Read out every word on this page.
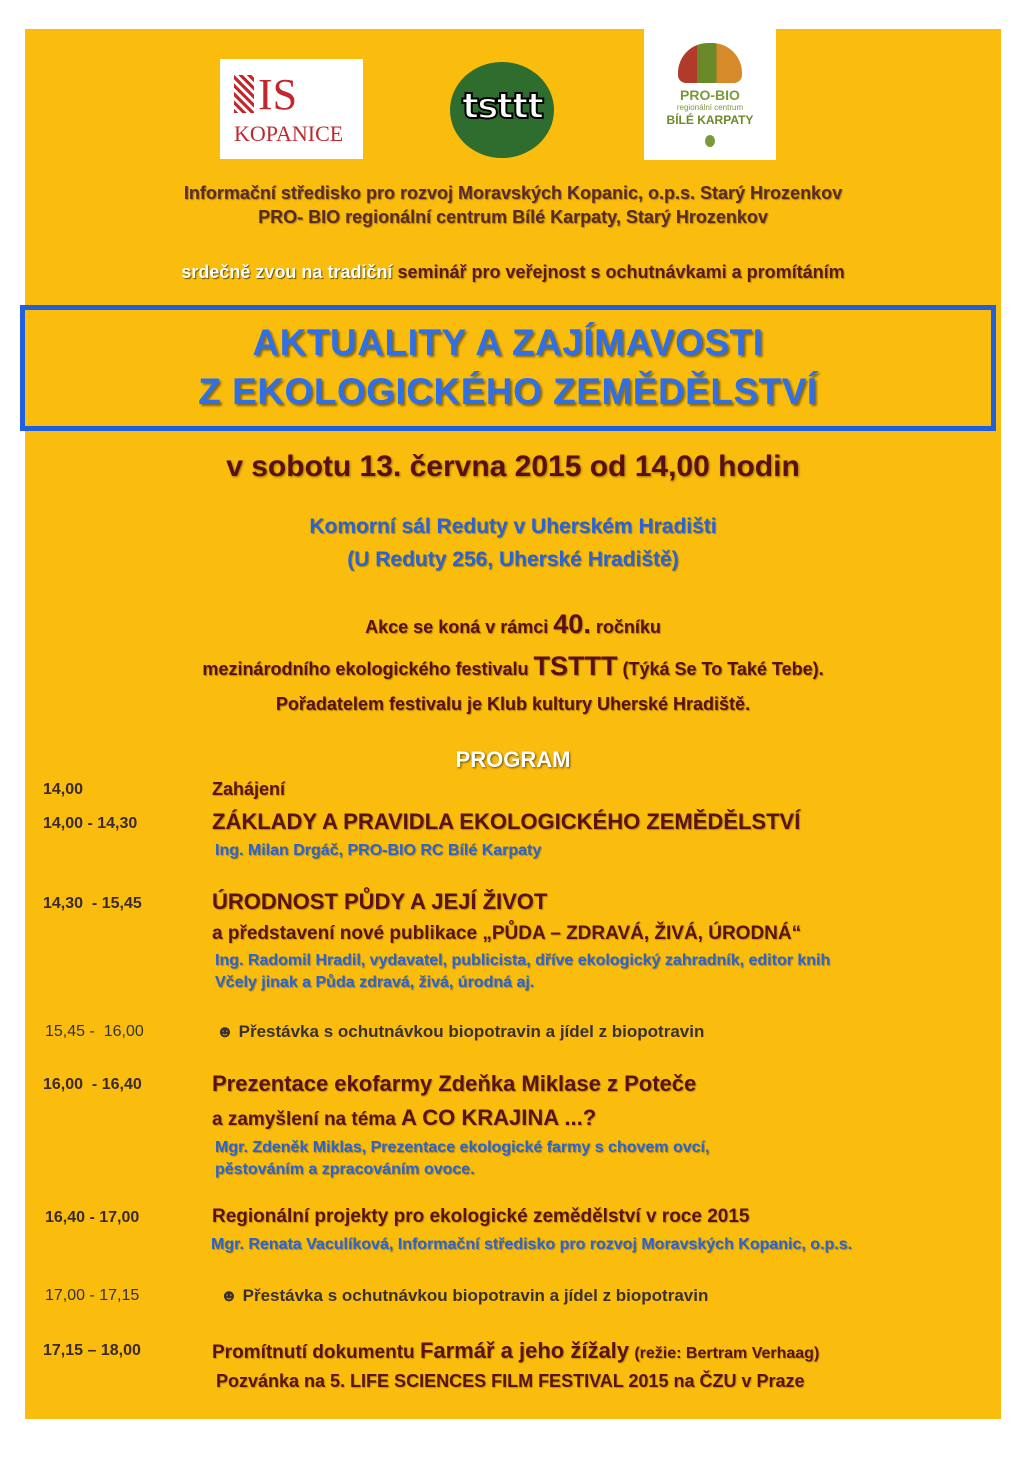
IS
KOPANICE
tsttt	PRO-BIO
regionální centrum
BÍLÉ KARPATY
Informační středisko pro rozvoj Moravských Kopanic, o.p.s. Starý Hrozenkov
PRO- BIO regionální centrum Bílé Karpaty, Starý Hrozenkov
srdečně zvou na tradiční seminář pro veřejnost s ochutnávkami a promítáním
AKTUALITY A ZAJÍMAVOSTI
Z EKOLOGICKÉHO ZEMĚDĚLSTVÍ
v sobotu 13. června 2015 od 14,00 hodin
Komorní sál Reduty v Uherském Hradišti
(U Reduty 256, Uherské Hradiště)
Akce se koná v rámci 40. ročníku
mezinárodního ekologického festivalu TSTTT (Týká Se To Také Tebe).
Pořadatelem festivalu je Klub kultury Uherské Hradiště.
PROGRAM
14,00	Zahájení
14,00 - 14,30	ZÁKLADY A PRAVIDLA EKOLOGICKÉHO ZEMĚDĚLSTVÍ
Ing. Milan Drgáč, PRO-BIO RC Bílé Karpaty
14,30  - 15,45	ÚRODNOST PŮDY A JEJÍ ŽIVOT
a představení nové publikace „PŮDA – ZDRAVÁ, ŽIVÁ, ÚRODNÁ“
Ing. Radomil Hradil, vydavatel, publicista, dříve ekologický zahradník, editor knih
Včely jinak a Půda zdravá, živá, úrodná aj.
15,45 -  16,00	☻ Přestávka s ochutnávkou biopotravin a jídel z biopotravin
16,00  - 16,40	Prezentace ekofarmy Zdeňka Miklase z Potečе
a zamyšlení na téma A CO KRAJINA ...?
Mgr. Zdeněk Miklas, Prezentace ekologické farmy s chovem ovcí,
pěstováním a zpracováním ovoce.
16,40 - 17,00	Regionální projekty pro ekologické zemědělství v roce 2015
Mgr. Renata Vaculíková, Informační středisko pro rozvoj Moravských Kopanic, o.p.s.
17,00 - 17,15	☻ Přestávka s ochutnávkou biopotravin a jídel z biopotravin
17,15 – 18,00	Promítnutí dokumentu Farmář a jeho žížaly (režie: Bertram Verhaag)
Pozvánka na 5. LIFE SCIENCES FILM FESTIVAL 2015 na ČZU v Praze
